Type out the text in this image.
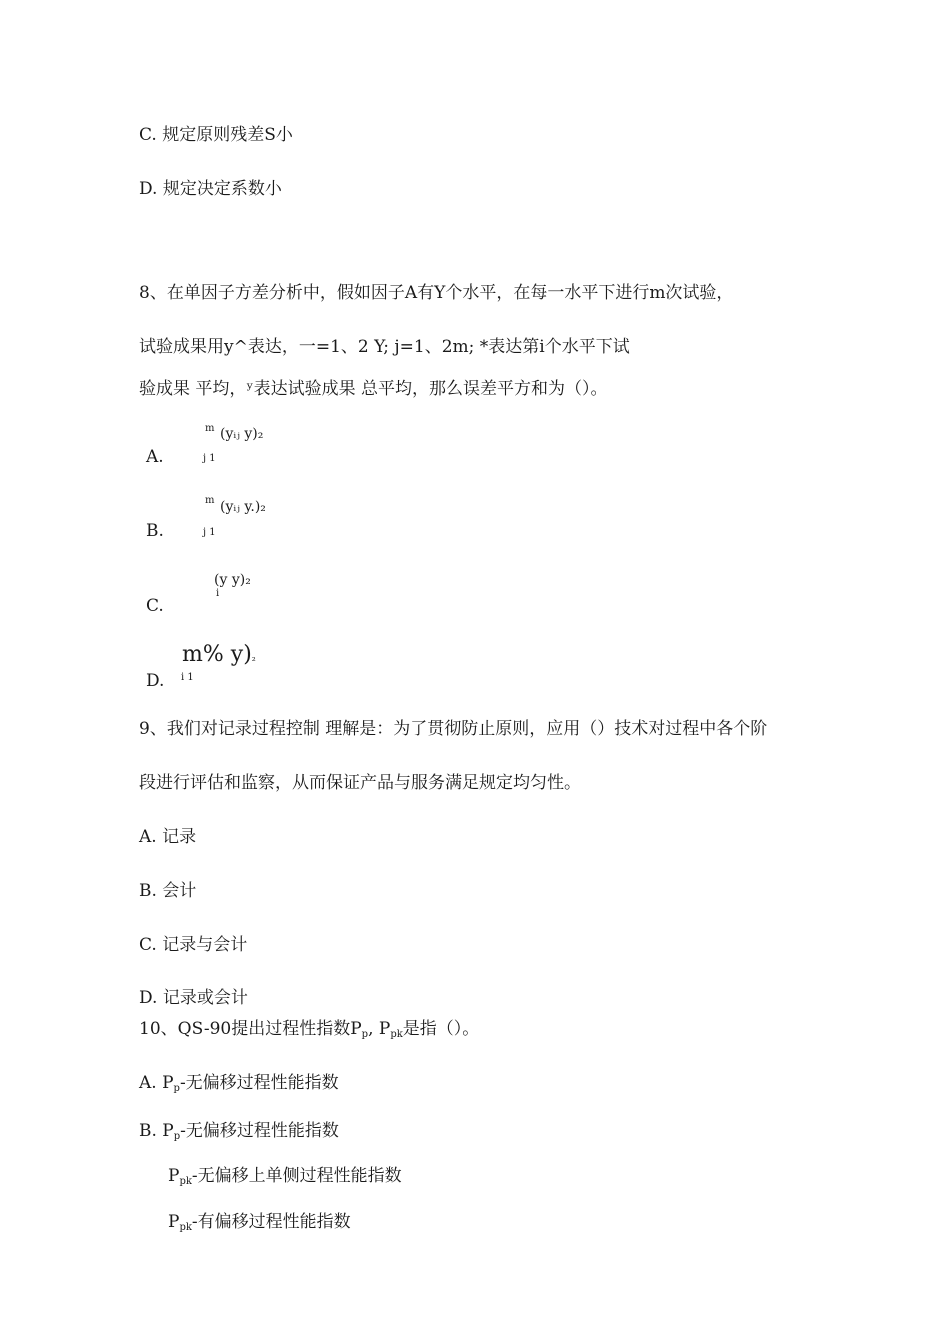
C. 规定原则残差S小
D. 规定决定系数小
8、在单因子方差分析中，假如因子A有Y个水平，在每一水平下进行m次试验，
试验成果用y^表达，一=1、2 Y; j=1、2m; *表达第i个水平下试
验成果 平均，ʸ表达试验成果 总平均，那么误差平方和为（）。
m (yᵢⱼ y)₂
A.	j 1
m (yᵢⱼ y.)₂
B.	j 1
(y y)₂
i
C.
m% y)₂
D. i 1
9、我们对记录过程控制 理解是：为了贯彻防止原则，应用（）技术对过程中各个阶
段进行评估和监察，从而保证产品与服务满足规定均匀性。
A. 记录
B. 会计
C. 记录与会计
D. 记录或会计
10、QS-90提出过程性指数$P_p$, $P_{pk}$是指（）。
A. $P_p-$无偏移过程性能指数
B. $P_p-$无偏移过程性能指数
$P_{pk}-$无偏移上单侧过程性能指数
$P_{pk}-$有偏移过程性能指数
